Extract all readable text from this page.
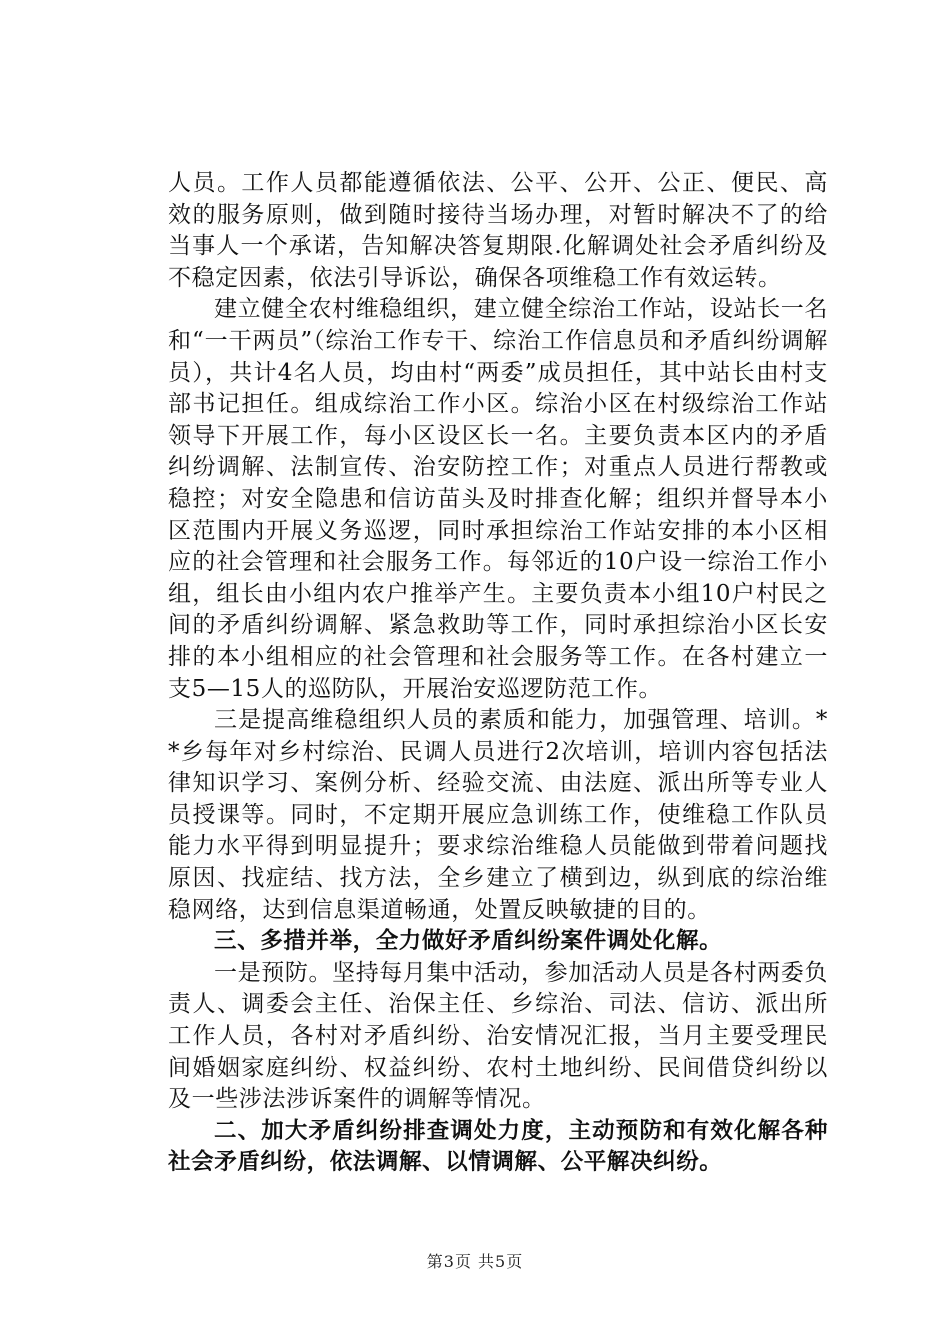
人员。工作人员都能遵循依法、公平、公开、公正、便民、高效的服务原则，做到随时接待当场办理，对暂时解决不了的给当事人一个承诺，告知解决答复期限.化解调处社会矛盾纠纷及不稳定因素，依法引导诉讼，确保各项维稳工作有效运转。

建立健全农村维稳组织，建立健全综治工作站，设站长一名和“一干两员”（综治工作专干、综治工作信息员和矛盾纠纷调解员），共计4名人员，均由村“两委”成员担任，其中站长由村支部书记担任。组成综治工作小区。综治小区在村级综治工作站领导下开展工作，每小区设区长一名。主要负责本区内的矛盾纠纷调解、法制宣传、治安防控工作；对重点人员进行帮教或稳控；对安全隐患和信访苗头及时排查化解；组织并督导本小区范围内开展义务巡逻，同时承担综治工作站安排的本小区相应的社会管理和社会服务工作。每邻近的10户设一综治工作小组，组长由小组内农户推举产生。主要负责本小组10户村民之间的矛盾纠纷调解、紧急救助等工作，同时承担综治小区长安排的本小组相应的社会管理和社会服务等工作。在各村建立一支5—15人的巡防队，开展治安巡逻防范工作。

三是提高维稳组织人员的素质和能力，加强管理、培训。**乡每年对乡村综治、民调人员进行2次培训，培训内容包括法律知识学习、案例分析、经验交流、由法庭、派出所等专业人员授课等。同时，不定期开展应急训练工作，使维稳工作队员能力水平得到明显提升；要求综治维稳人员能做到带着问题找原因、找症结、找方法，全乡建立了横到边，纵到底的综治维稳网络，达到信息渠道畅通，处置反映敏捷的目的。

三、多措并举，全力做好矛盾纠纷案件调处化解。

一是预防。坚持每月集中活动，参加活动人员是各村两委负责人、调委会主任、治保主任、乡综治、司法、信访、派出所工作人员，各村对矛盾纠纷、治安情况汇报，当月主要受理民间婚姻家庭纠纷、权益纠纷、农村土地纠纷、民间借贷纠纷以及一些涉法涉诉案件的调解等情况。

二、加大矛盾纠纷排查调处力度，主动预防和有效化解各种社会矛盾纠纷，依法调解、以情调解、公平解决纠纷。

第3页 共5页
